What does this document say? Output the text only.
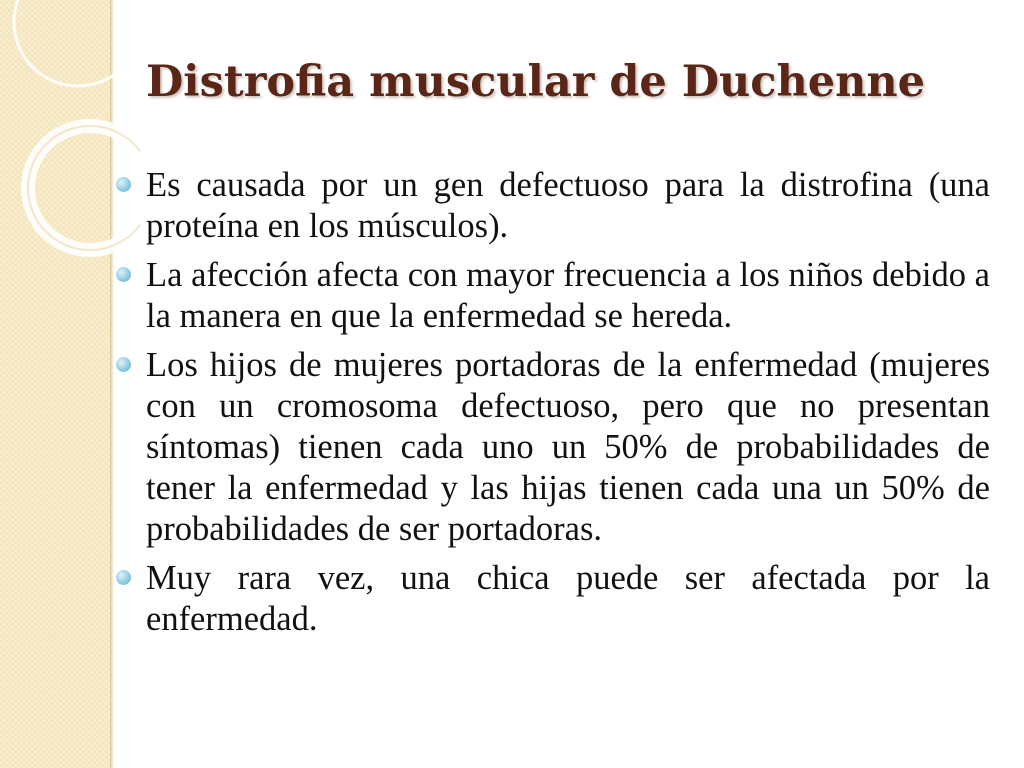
Distrofia muscular de Duchenne
Es causada por un gen defectuoso para la distrofina (una proteína en los músculos).
La afección afecta con mayor frecuencia a los niños debido a la manera en que la enfermedad se hereda.
Los hijos de mujeres portadoras de la enfermedad (mujeres con un cromosoma defectuoso, pero que no presentan síntomas) tienen cada uno un 50% de probabilidades de tener la enfermedad y las hijas tienen cada una un 50% de probabilidades de ser portadoras.
Muy rara vez, una chica puede ser afectada por la enfermedad.
